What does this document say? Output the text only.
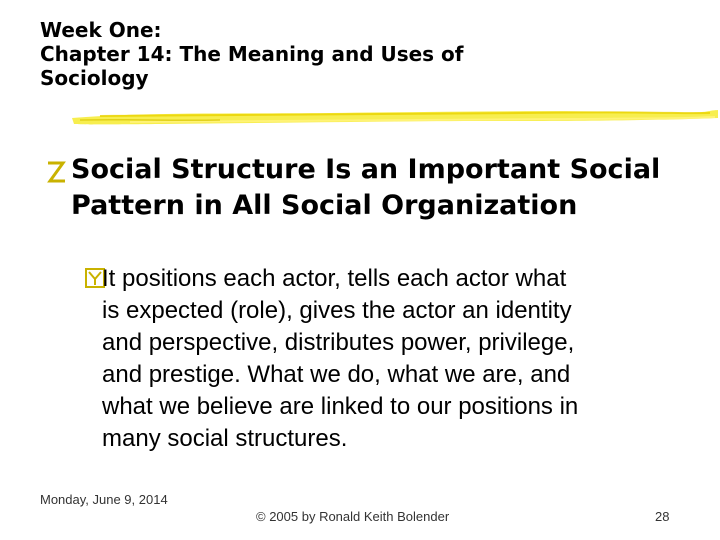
Week One:
Chapter 14: The Meaning and Uses of
Sociology
Social Structure Is an Important Social Pattern in All Social Organization
It positions each actor, tells each actor what
is expected (role), gives the actor an identity
and perspective, distributes power, privilege,
and prestige. What we do, what we are, and
what we believe are linked to our positions in
many social structures.
Monday, June 9, 2014
© 2005 by Ronald Keith Bolender	28
